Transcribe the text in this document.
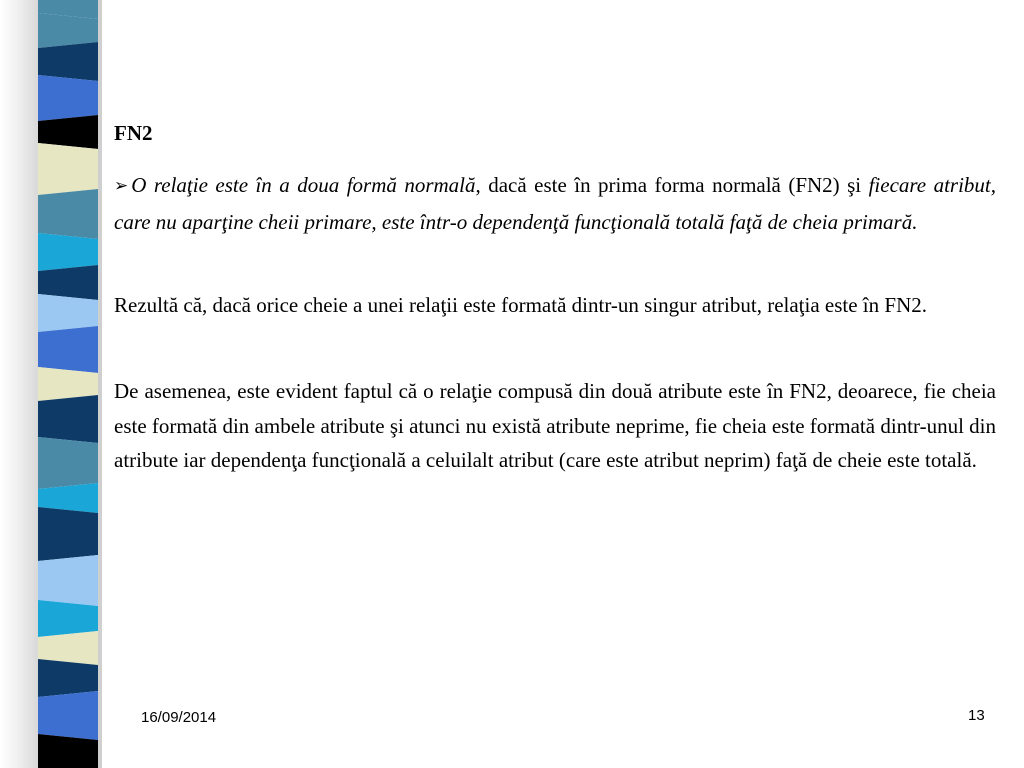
FN2

➢ O relaţie este în a doua formă normală, dacă este în prima forma normală (FN2) şi fiecare atribut, care nu aparţine cheii primare, este într-o dependenţă funcţională totală faţă de cheia primară.

Rezultă că, dacă orice cheie a unei relaţii este formată dintr-un singur atribut, relaţia este în FN2.

De asemenea, este evident faptul că o relaţie compusă din două atribute este în FN2, deoarece, fie cheia este formată din ambele atribute şi atunci nu există atribute neprime, fie cheia este formată dintr-unul din atribute iar dependenţa funcţională a celuilalt atribut (care este atribut neprim) faţă de cheie este totală.

16/09/2014	13
